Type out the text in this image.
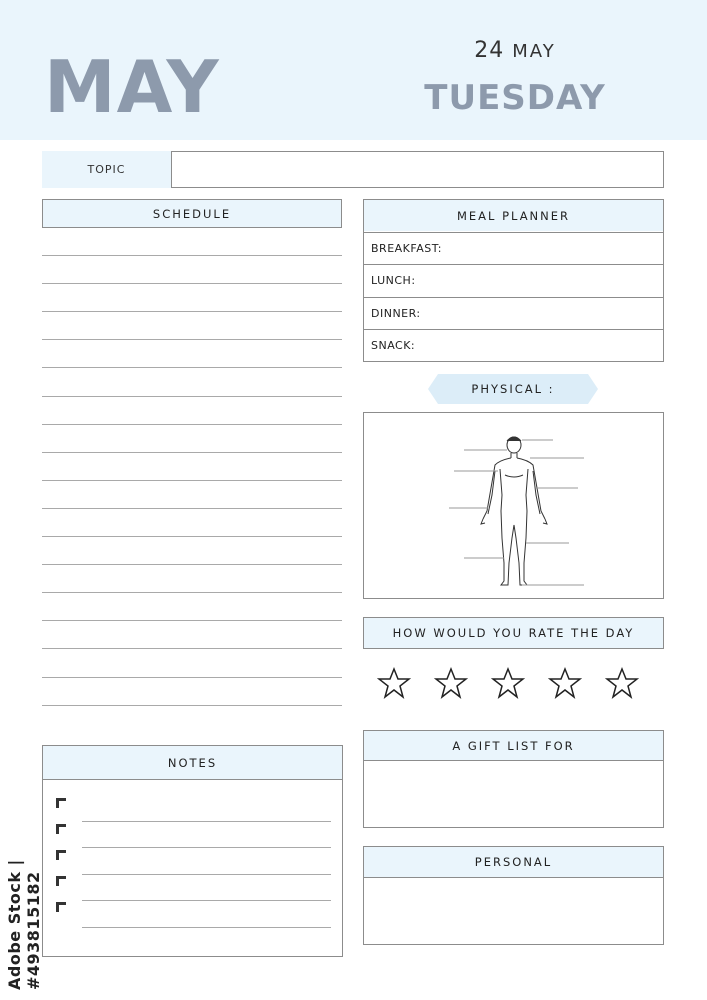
MAY	24 MAY
TUESDAY
TOPIC
SCHEDULE	MEAL PLANNER
BREAKFAST:
LUNCH:
DINNER:
SNACK:
PHYSICAL :
HOW WOULD YOU RATE THE DAY
NOTES
A GIFT LIST FOR
PERSONAL
Adobe Stock | #493815182
